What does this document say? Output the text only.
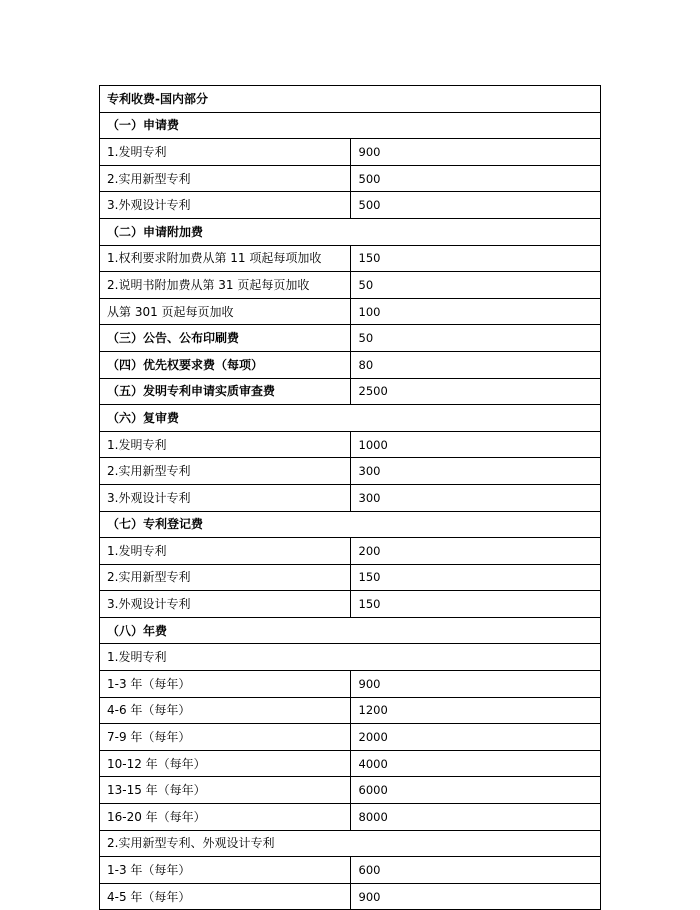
专利收费-国内部分	
（一）申请费	
1.发明专利	900
2.实用新型专利	500
3.外观设计专利	500
（二）申请附加费	
1.权利要求附加费从第 11 项起每项加收	150
2.说明书附加费从第 31 页起每页加收	50
从第 301 页起每页加收	100
（三）公告、公布印刷费	50
（四）优先权要求费（每项）	80
（五）发明专利申请实质审查费	2500
（六）复审费	
1.发明专利	1000
2.实用新型专利	300
3.外观设计专利	300
（七）专利登记费	
1.发明专利	200
2.实用新型专利	150
3.外观设计专利	150
（八）年费	
1.发明专利	
1-3 年（每年）	900
4-6 年（每年）	1200
7-9 年（每年）	2000
10-12 年（每年）	4000
13-15 年（每年）	6000
16-20 年（每年）	8000
2.实用新型专利、外观设计专利	
1-3 年（每年）	600
4-5 年（每年）	900
